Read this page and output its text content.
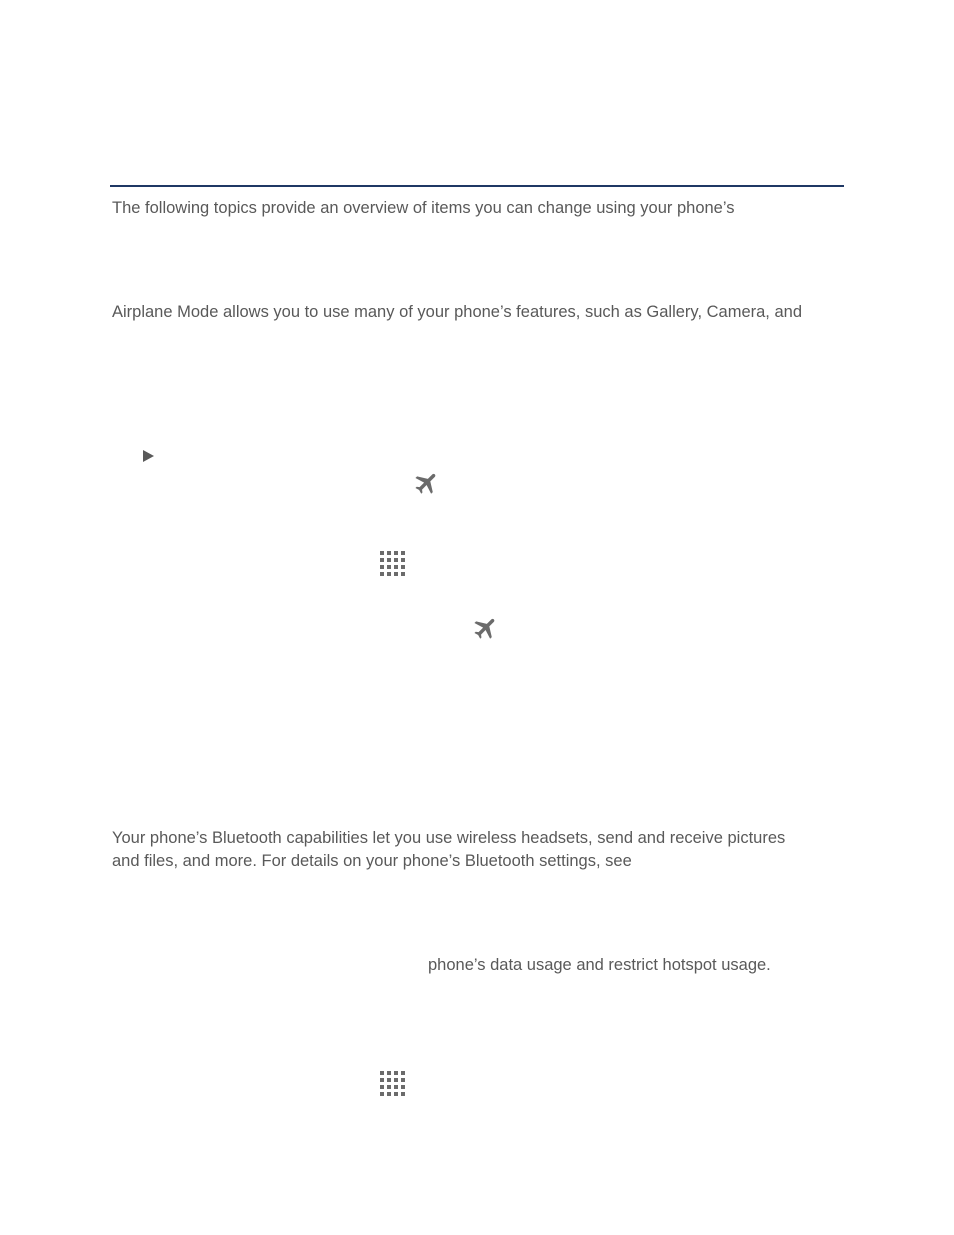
The following topics provide an overview of items you can change using your phone’s

Airplane Mode allows you to use many of your phone’s features, such as Gallery, Camera, and

Your phone’s Bluetooth capabilities let you use wireless headsets, send and receive pictures

and files, and more. For details on your phone’s Bluetooth settings, see

phone’s data usage and restrict hotspot usage.
